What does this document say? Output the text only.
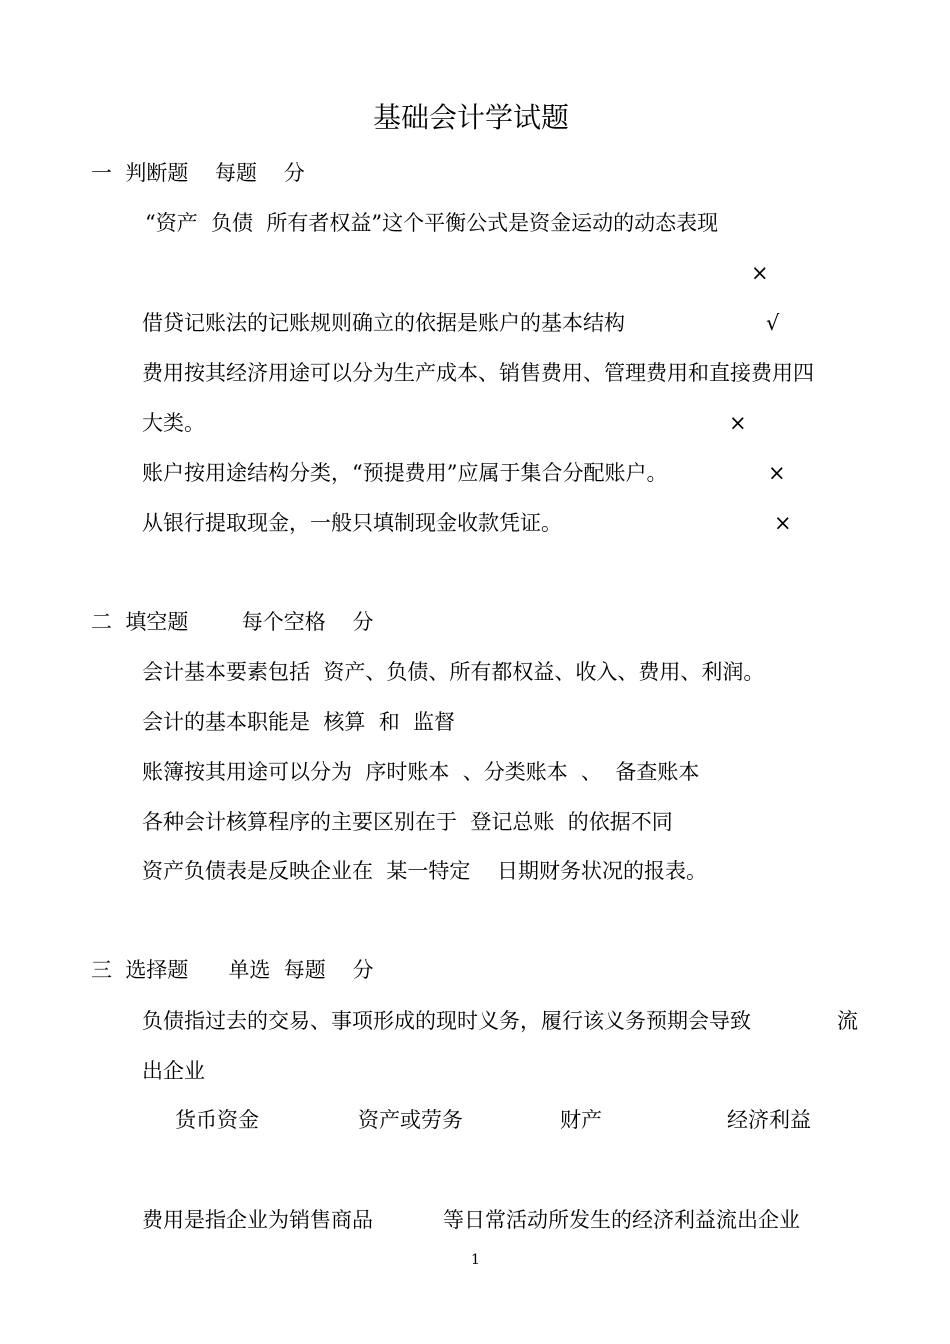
基础会计学试题
一  判断题    每题    分
“资产  负债  所有者权益”这个平衡公式是资金运动的动态表现
×
借贷记账法的记账规则确立的依据是账户的基本结构	√
费用按其经济用途可以分为生产成本、销售费用、管理费用和直接费用四
大类。	×
账户按用途结构分类，“预提费用”应属于集合分配账户。	×
从银行提取现金，一般只填制现金收款凭证。	×
二  填空题        每个空格    分
会计基本要素包括  资产、负债、所有都权益、收入、费用、利润。
会计的基本职能是  核算  和  监督
账簿按其用途可以分为  序时账本  、分类账本  、  备查账本
各种会计核算程序的主要区别在于  登记总账  的依据不同
资产负债表是反映企业在  某一特定    日期财务状况的报表。
三  选择题      单选  每题    分
负债指过去的交易、事项形成的现时义务，履行该义务预期会导致	流
出企业
货币资金	资产或劳务	财产	经济利益
费用是指企业为销售商品	等日常活动所发生的经济利益流出企业
1
